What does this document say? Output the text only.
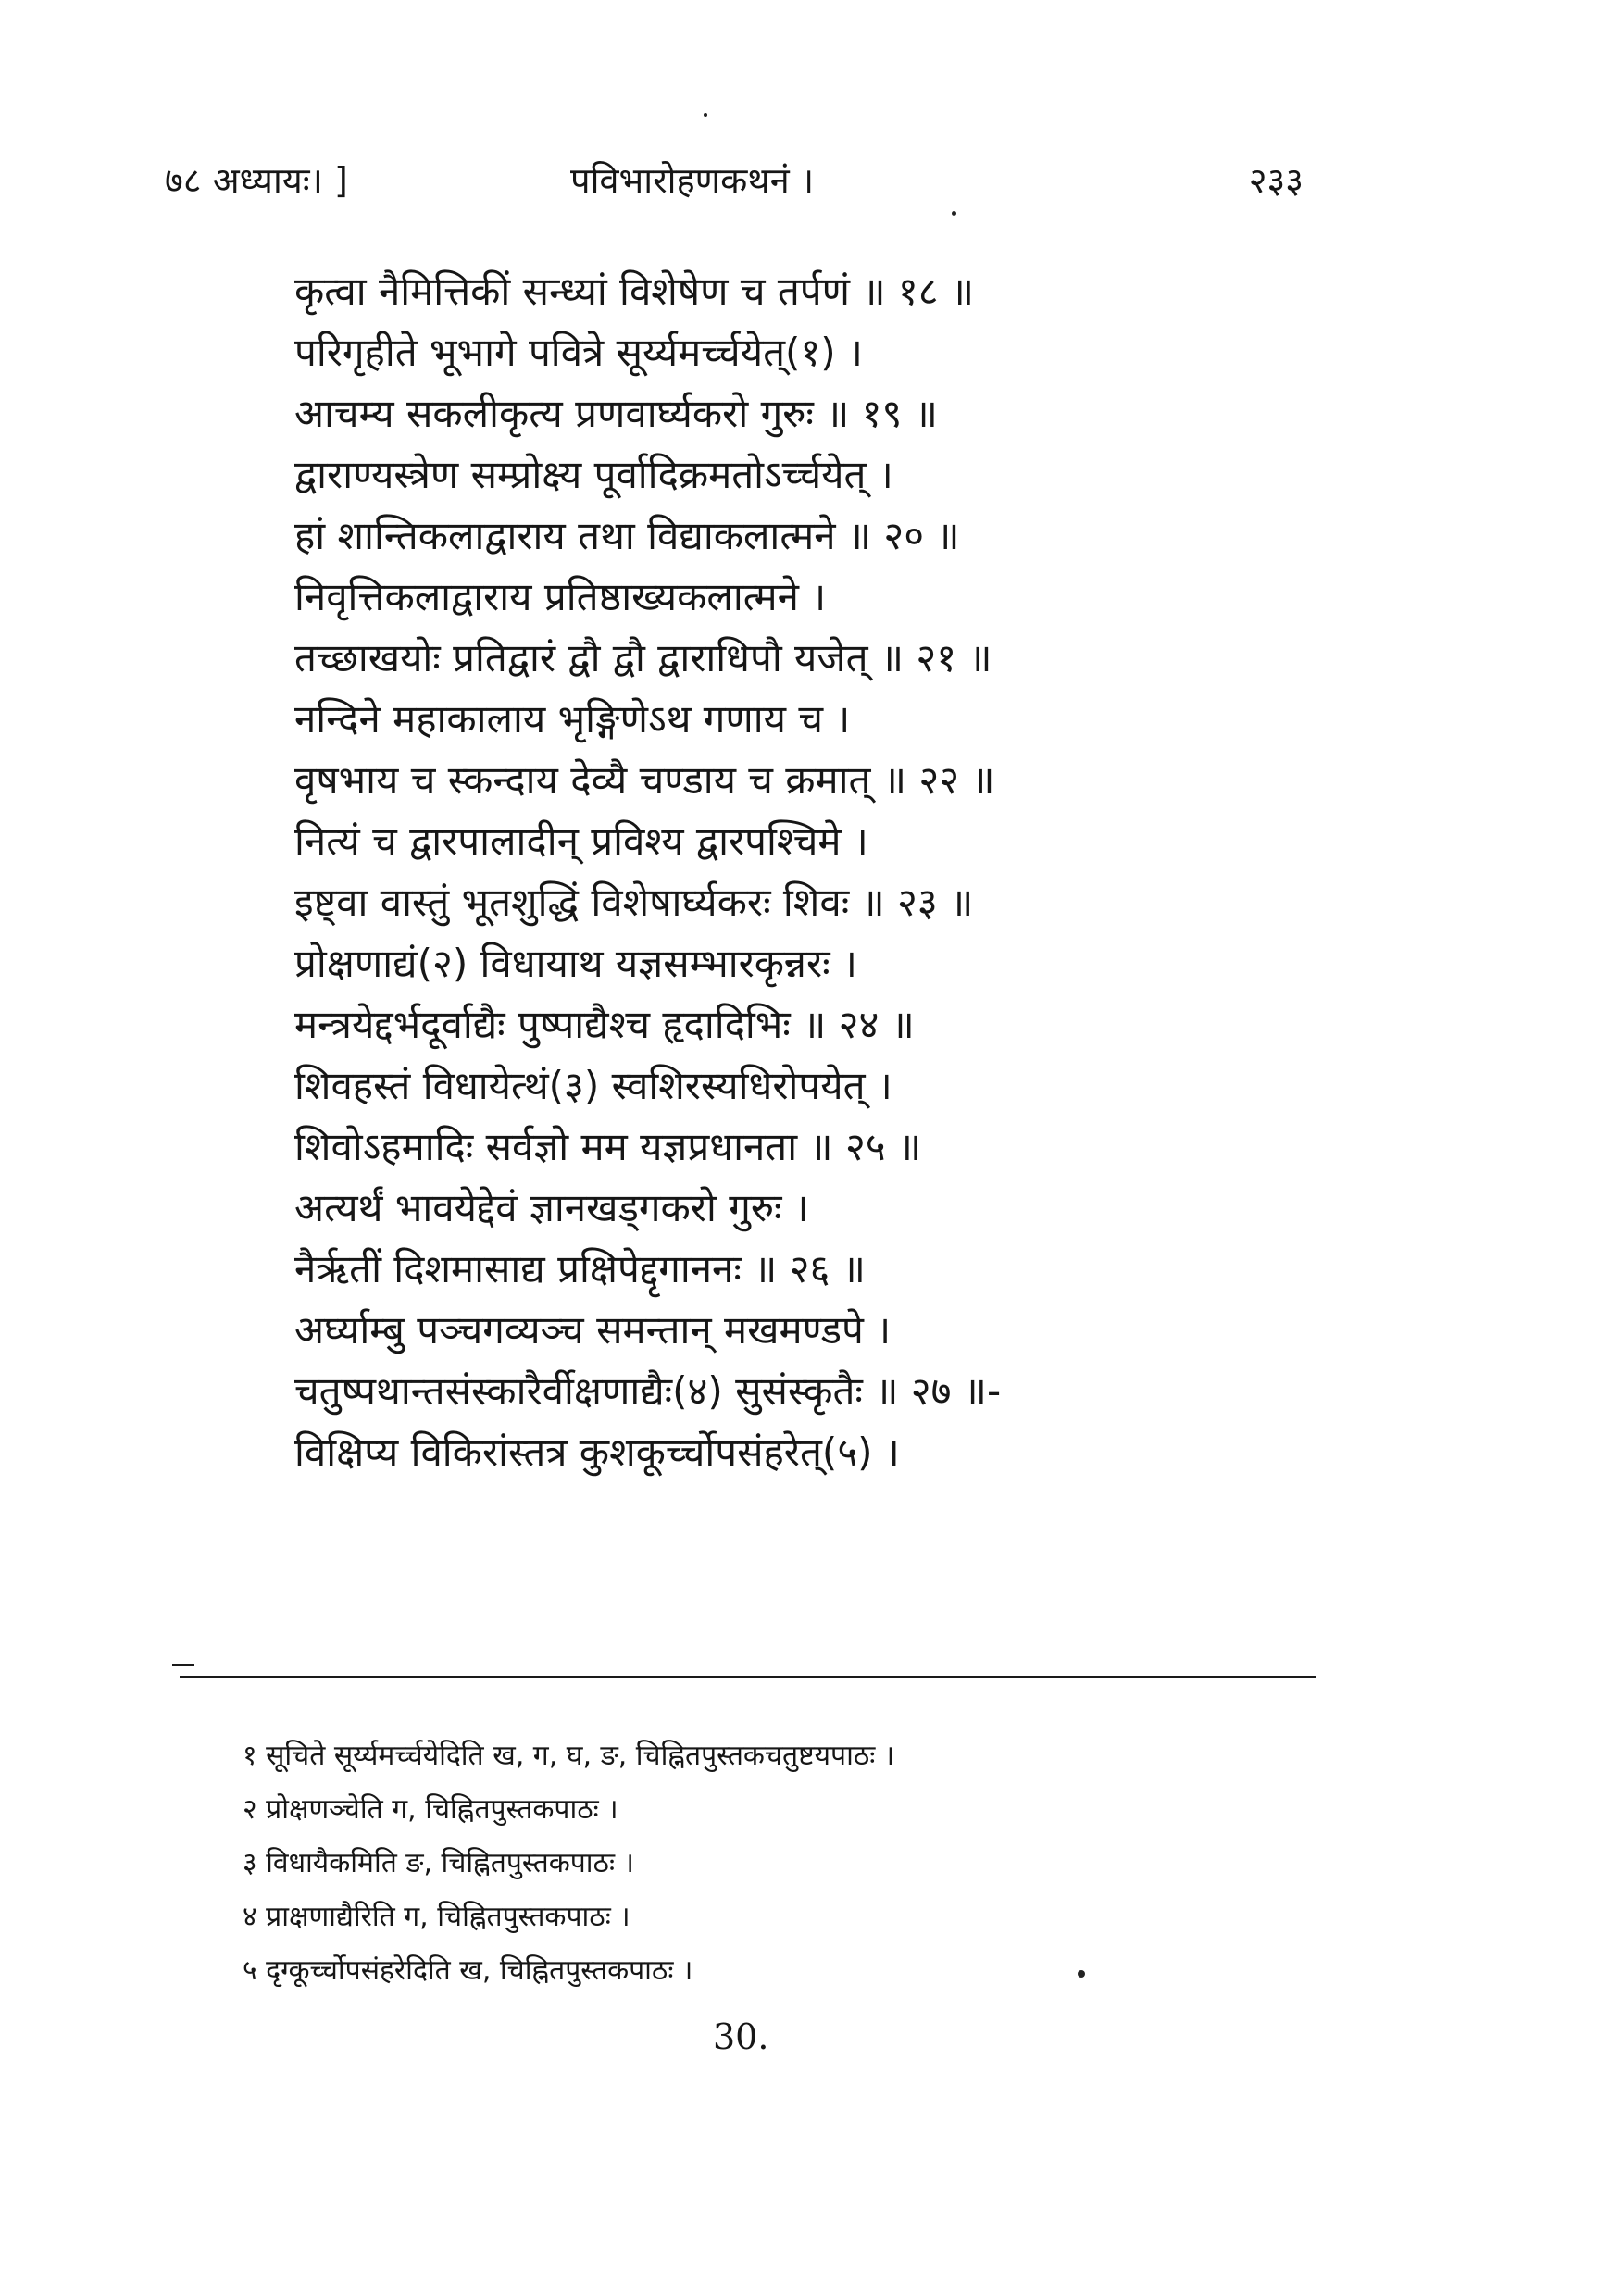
७८ अध्यायः। ]	पविभारोहणकथनं ।	२३३
कृत्वा नैमित्तिकीं सन्ध्यां विशेषेण च तर्पणं ॥ १८ ॥
परिगृहीते भूभागे पवित्रे सूर्य्यमर्च्चयेत्(१) ।
आचम्य सकलीकृत्य प्रणवार्घ्यकरो गुरुः ॥ १९ ॥
द्वाराण्यस्त्रेण सम्प्रोक्ष्य पूर्वादिक्रमतोऽर्च्चयेत् ।
हां शान्तिकलाद्वाराय तथा विद्याकलात्मने ॥ २० ॥
निवृत्तिकलाद्वाराय प्रतिष्ठाख्यकलात्मने ।
तच्छाखयोः प्रतिद्वारं द्वौ द्वौ द्वाराधिपौ यजेत् ॥ २१ ॥
नन्दिने महाकालाय भृङ्गिणेऽथ गणाय च ।
वृषभाय च स्कन्दाय देव्यै चण्डाय च क्रमात् ॥ २२ ॥
नित्यं च द्वारपालादीन् प्रविश्य द्वारपश्चिमे ।
इष्ट्वा वास्तुं भूतशुद्धिं विशेषार्घ्यकरः शिवः ॥ २३ ॥
प्रोक्षणाद्यं(२) विधायाथ यज्ञसम्भारकृन्नरः ।
मन्त्रयेद्दर्भदूर्वाद्यैः पुष्पाद्यैश्च हृदादिभिः ॥ २४ ॥
शिवहस्तं विधायेत्थं(३) स्वशिरस्यधिरोपयेत् ।
शिवोऽहमादिः सर्वज्ञो मम यज्ञप्रधानता ॥ २५ ॥
अत्यर्थं भावयेद्देवं ज्ञानखड्गकरो गुरुः ।
नैर्ऋतीं दिशमासाद्य प्रक्षिपेद्दृगाननः ॥ २६ ॥
अर्घ्याम्बु पञ्चगव्यञ्च समन्तान् मखमण्डपे ।
चतुष्पथान्तसंस्कारैर्वीक्षणाद्यैः(४) सुसंस्कृतैः ॥ २७ ॥-
विक्षिप्य विकिरांस्तत्र कुशकूर्च्चोपसंहरेत्(५) ।
१ सूचिते सूर्य्यमर्च्चयेदिति ख, ग, घ, ङ, चिह्नितपुस्तकचतुष्टयपाठः ।
२ प्रोक्षणञ्चेति ग, चिह्नितपुस्तकपाठः ।
३ विधायैकमिति ङ, चिह्नितपुस्तकपाठः ।
४ प्राक्षणाद्यैरिति ग, चिह्नितपुस्तकपाठः ।
५ दृग्कूर्च्चोपसंहरेदिति ख, चिह्नितपुस्तकपाठः ।
30.
